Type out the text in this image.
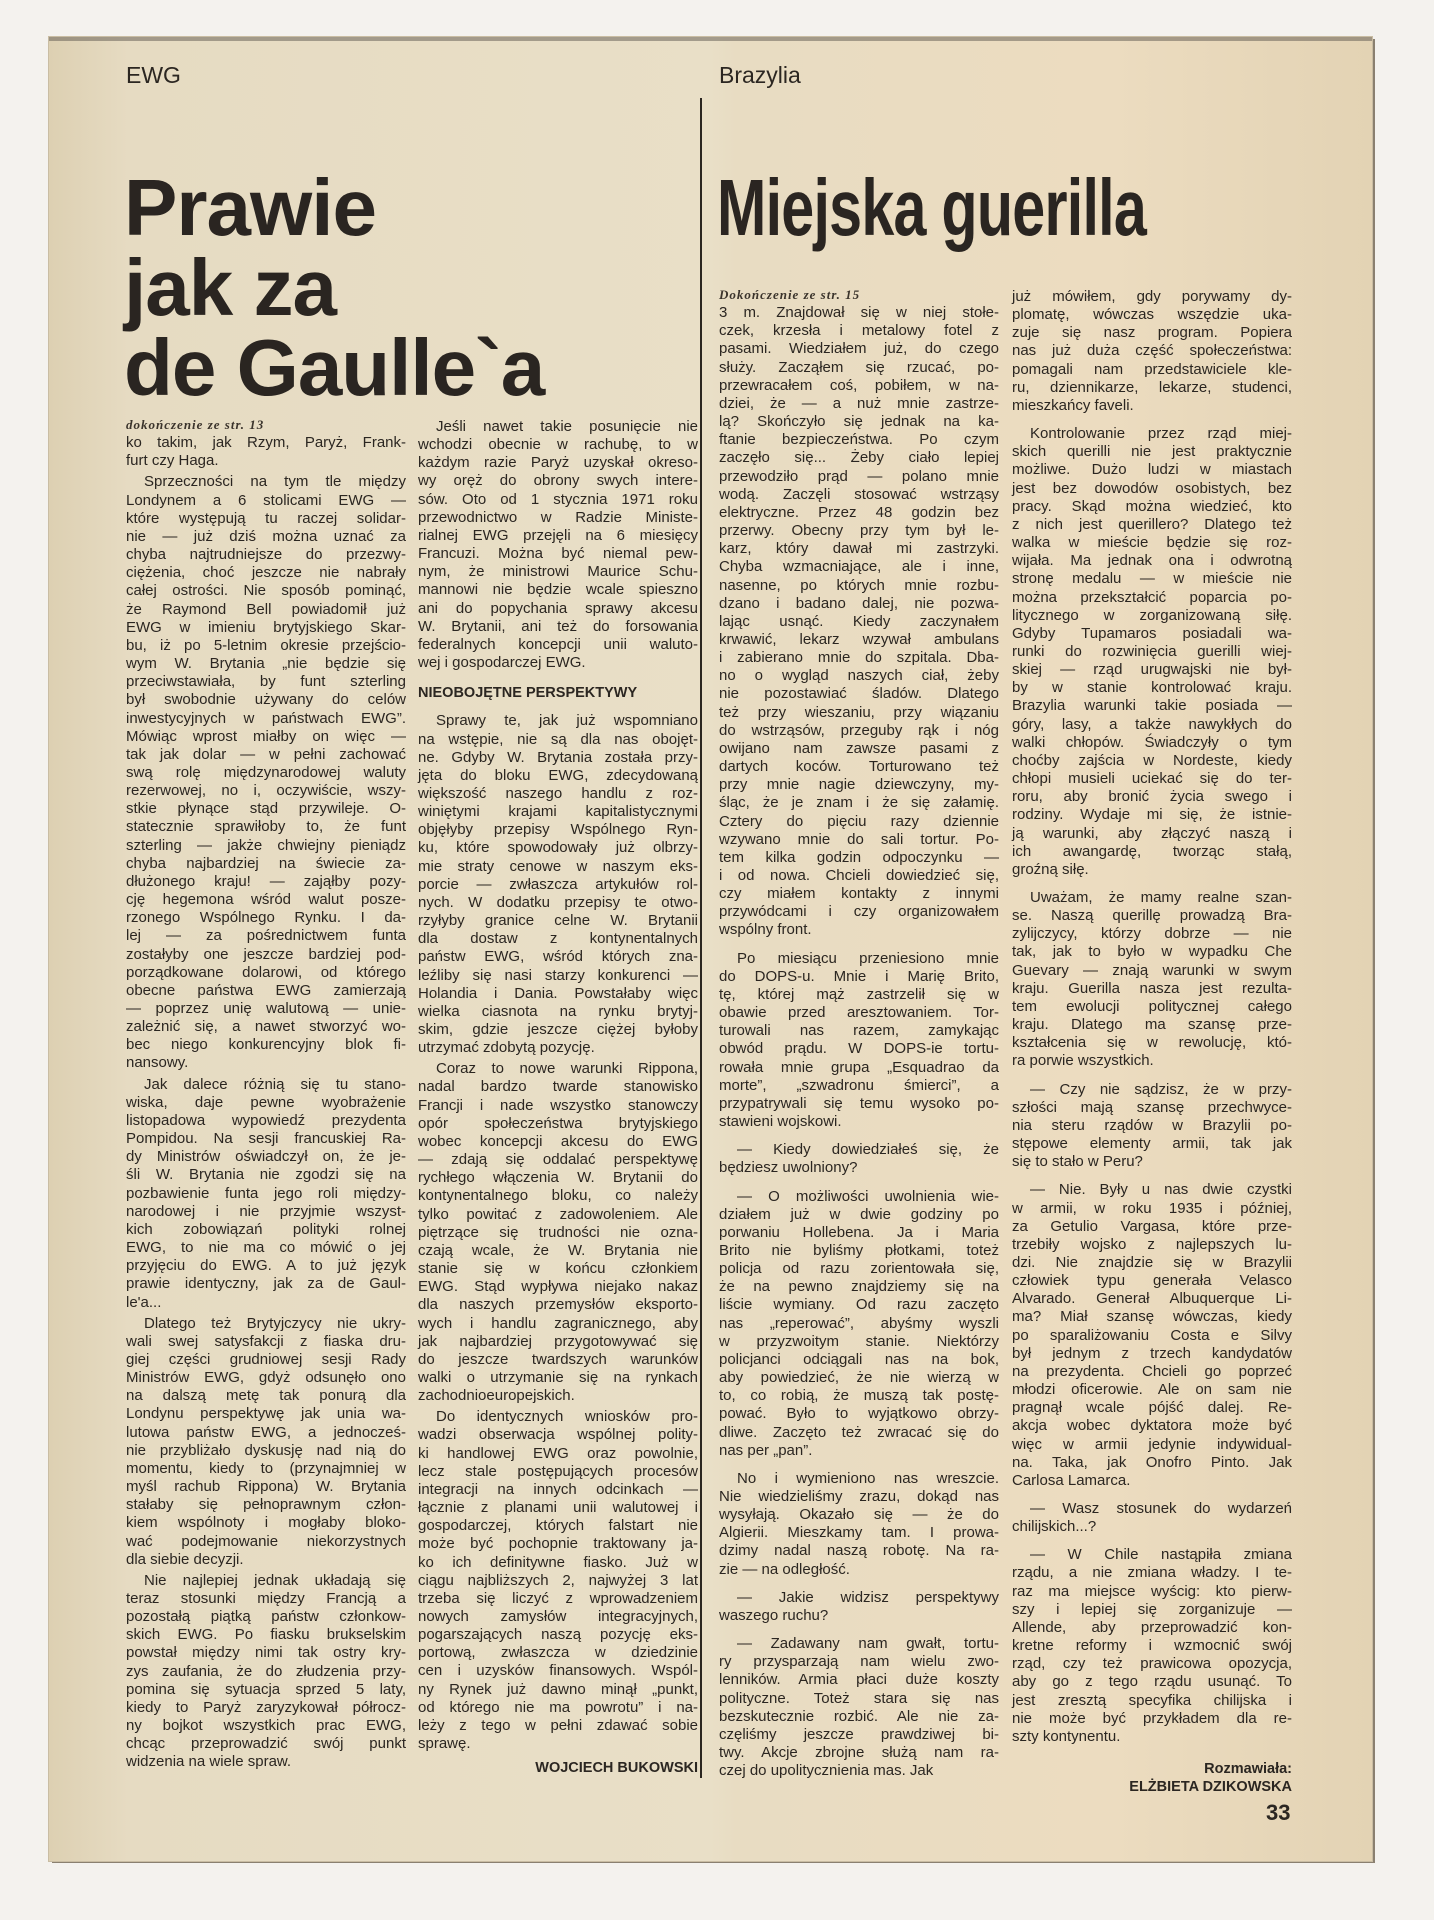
EWG	Brazylia
Prawie
jak za
de Gaulle`a
Miejska guerilla
dokończenie ze str. 13
ko takim, jak Rzym, Paryż, Frank-
furt czy Haga.
Sprzeczności na tym tle między
Londynem a 6 stolicami EWG —
które występują tu raczej solidar-
nie — już dziś można uznać za
chyba najtrudniejsze do przezwy-
ciężenia, choć jeszcze nie nabrały
całej ostrości. Nie sposób pominąć,
że Raymond Bell powiadomił już
EWG w imieniu brytyjskiego Skar-
bu, iż po 5-letnim okresie przejścio-
wym W. Brytania „nie będzie się
przeciwstawiała, by funt szterling
był swobodnie używany do celów
inwestycyjnych w państwach EWG”.
Mówiąc wprost miałby on więc —
tak jak dolar — w pełni zachować
swą rolę międzynarodowej waluty
rezerwowej, no i, oczywiście, wszy-
stkie płynące stąd przywileje. O-
statecznie sprawiłoby to, że funt
szterling — jakże chwiejny pieniądz
chyba najbardziej na świecie za-
dłużonego kraju! — zająłby pozy-
cję hegemona wśród walut posze-
rzonego Wspólnego Rynku. I da-
lej — za pośrednictwem funta
zostałyby one jeszcze bardziej pod-
porządkowane dolarowi, od którego
obecne państwa EWG zamierzają
— poprzez unię walutową — unie-
zależnić się, a nawet stworzyć wo-
bec niego konkurencyjny blok fi-
nansowy.
Jak dalece różnią się tu stano-
wiska, daje pewne wyobrażenie
listopadowa wypowiedź prezydenta
Pompidou. Na sesji francuskiej Ra-
dy Ministrów oświadczył on, że je-
śli W. Brytania nie zgodzi się na
pozbawienie funta jego roli między-
narodowej i nie przyjmie wszyst-
kich zobowiązań polityki rolnej
EWG, to nie ma co mówić o jej
przyjęciu do EWG. A to już język
prawie identyczny, jak za de Gaul-
le'a...
Dlatego też Brytyjczycy nie ukry-
wali swej satysfakcji z fiaska dru-
giej części grudniowej sesji Rady
Ministrów EWG, gdyż odsunęło ono
na dalszą metę tak ponurą dla
Londynu perspektywę jak unia wa-
lutowa państw EWG, a jednocześ-
nie przybliżało dyskusję nad nią do
momentu, kiedy to (przynajmniej w
myśl rachub Rippona) W. Brytania
stałaby się pełnoprawnym człon-
kiem wspólnoty i mogłaby bloko-
wać podejmowanie niekorzystnych
dla siebie decyzji.
Nie najlepiej jednak układają się
teraz stosunki między Francją a
pozostałą piątką państw członkow-
skich EWG. Po fiasku brukselskim
powstał między nimi tak ostry kry-
zys zaufania, że do złudzenia przy-
pomina się sytuacja sprzed 5 laty,
kiedy to Paryż zaryzykował półrocz-
ny bojkot wszystkich prac EWG,
chcąc przeprowadzić swój punkt
widzenia na wiele spraw.
Jeśli nawet takie posunięcie nie
wchodzi obecnie w rachubę, to w
każdym razie Paryż uzyskał okreso-
wy oręż do obrony swych intere-
sów. Oto od 1 stycznia 1971 roku
przewodnictwo w Radzie Ministe-
rialnej EWG przejęli na 6 miesięcy
Francuzi. Można być niemal pew-
nym, że ministrowi Maurice Schu-
mannowi nie będzie wcale spieszno
ani do popychania sprawy akcesu
W. Brytanii, ani też do forsowania
federalnych koncepcji unii waluto-
wej i gospodarczej EWG.
NIEOBOJĘTNE PERSPEKTYWY
Sprawy te, jak już wspomniano
na wstępie, nie są dla nas obojęt-
ne. Gdyby W. Brytania została przy-
jęta do bloku EWG, zdecydowaną
większość naszego handlu z roz-
winiętymi krajami kapitalistycznymi
objęłyby przepisy Wspólnego Ryn-
ku, które spowodowały już olbrzy-
mie straty cenowe w naszym eks-
porcie — zwłaszcza artykułów rol-
nych. W dodatku przepisy te otwo-
rzyłyby granice celne W. Brytanii
dla dostaw z kontynentalnych
państw EWG, wśród których zna-
leźliby się nasi starzy konkurenci —
Holandia i Dania. Powstałaby więc
wielka ciasnota na rynku brytyj-
skim, gdzie jeszcze ciężej byłoby
utrzymać zdobytą pozycję.
Coraz to nowe warunki Rippona,
nadal bardzo twarde stanowisko
Francji i nade wszystko stanowczy
opór społeczeństwa brytyjskiego
wobec koncepcji akcesu do EWG
— zdają się oddalać perspektywę
rychłego włączenia W. Brytanii do
kontynentalnego bloku, co należy
tylko powitać z zadowoleniem. Ale
piętrzące się trudności nie ozna-
czają wcale, że W. Brytania nie
stanie się w końcu członkiem
EWG. Stąd wypływa niejako nakaz
dla naszych przemysłów eksporto-
wych i handlu zagranicznego, aby
jak najbardziej przygotowywać się
do jeszcze twardszych warunków
walki o utrzymanie się na rynkach
zachodnioeuropejskich.
Do identycznych wniosków pro-
wadzi obserwacja wspólnej polity-
ki handlowej EWG oraz powolnie,
lecz stale postępujących procesów
integracji na innych odcinkach —
łącznie z planami unii walutowej i
gospodarczej, których falstart nie
może być pochopnie traktowany ja-
ko ich definitywne fiasko. Już w
ciągu najbliższych 2, najwyżej 3 lat
trzeba się liczyć z wprowadzeniem
nowych zamysłów integracyjnych,
pogarszających naszą pozycję eks-
portową, zwłaszcza w dziedzinie
cen i uzysków finansowych. Wspól-
ny Rynek już dawno minął „punkt,
od którego nie ma powrotu” i na-
leży z tego w pełni zdawać sobie
sprawę.
WOJCIECH BUKOWSKI
Dokończenie ze str. 15
3 m. Znajdował się w niej stołe-
czek, krzesła i metalowy fotel z
pasami. Wiedziałem już, do czego
służy. Zacząłem się rzucać, po-
przewracałem coś, pobiłem, w na-
dziei, że — a nuż mnie zastrze-
lą? Skończyło się jednak na ka-
ftanie bezpieczeństwa. Po czym
zaczęło się... Żeby ciało lepiej
przewodziło prąd — polano mnie
wodą. Zaczęli stosować wstrząsy
elektryczne. Przez 48 godzin bez
przerwy. Obecny przy tym był le-
karz, który dawał mi zastrzyki.
Chyba wzmacniające, ale i inne,
nasenne, po których mnie rozbu-
dzano i badano dalej, nie pozwa-
lając usnąć. Kiedy zaczynałem
krwawić, lekarz wzywał ambulans
i zabierano mnie do szpitala. Dba-
no o wygląd naszych ciał, żeby
nie pozostawiać śladów. Dlatego
też przy wieszaniu, przy wiązaniu
do wstrząsów, przeguby rąk i nóg
owijano nam zawsze pasami z
dartych koców. Torturowano też
przy mnie nagie dziewczyny, my-
śląc, że je znam i że się załamię.
Cztery do pięciu razy dziennie
wzywano mnie do sali tortur. Po-
tem kilka godzin odpoczynku —
i od nowa. Chcieli dowiedzieć się,
czy miałem kontakty z innymi
przywódcami i czy organizowałem
wspólny front.
Po miesiącu przeniesiono mnie
do DOPS-u. Mnie i Marię Brito,
tę, której mąż zastrzelił się w
obawie przed aresztowaniem. Tor-
turowali nas razem, zamykając
obwód prądu. W DOPS-ie tortu-
rowała mnie grupa „Esquadrao da
morte”, „szwadronu śmierci”, a
przypatrywali się temu wysoko po-
stawieni wojskowi.
— Kiedy dowiedziałeś się, że
będziesz uwolniony?
— O możliwości uwolnienia wie-
działem już w dwie godziny po
porwaniu Hollebena. Ja i Maria
Brito nie byliśmy płotkami, toteż
policja od razu zorientowała się,
że na pewno znajdziemy się na
liście wymiany. Od razu zaczęto
nas „reperować”, abyśmy wyszli
w przyzwoitym stanie. Niektórzy
policjanci odciągali nas na bok,
aby powiedzieć, że nie wierzą w
to, co robią, że muszą tak postę-
pować. Było to wyjątkowo obrzy-
dliwe. Zaczęto też zwracać się do
nas per „pan”.
No i wymieniono nas wreszcie.
Nie wiedzieliśmy zrazu, dokąd nas
wysyłają. Okazało się — że do
Algierii. Mieszkamy tam. I prowa-
dzimy nadal naszą robotę. Na ra-
zie — na odległość.
— Jakie widzisz perspektywy
waszego ruchu?
— Zadawany nam gwałt, tortu-
ry przysparzają nam wielu zwo-
lenników. Armia płaci duże koszty
polityczne. Toteż stara się nas
bezskutecznie rozbić. Ale nie za-
częliśmy jeszcze prawdziwej bi-
twy. Akcje zbrojne służą nam ra-
czej do upolitycznienia mas. Jak
już mówiłem, gdy porywamy dy-
plomatę, wówczas wszędzie uka-
zuje się nasz program. Popiera
nas już duża część społeczeństwa:
pomagali nam przedstawiciele kle-
ru, dziennikarze, lekarze, studenci,
mieszkańcy faveli.
Kontrolowanie przez rząd miej-
skich querilli nie jest praktycznie
możliwe. Dużo ludzi w miastach
jest bez dowodów osobistych, bez
pracy. Skąd można wiedzieć, kto
z nich jest querillero? Dlatego też
walka w mieście będzie się roz-
wijała. Ma jednak ona i odwrotną
stronę medalu — w mieście nie
można przekształcić poparcia po-
litycznego w zorganizowaną siłę.
Gdyby Tupamaros posiadali wa-
runki do rozwinięcia guerilli wiej-
skiej — rząd urugwajski nie był-
by w stanie kontrolować kraju.
Brazylia warunki takie posiada —
góry, lasy, a także nawykłych do
walki chłopów. Świadczyły o tym
choćby zajścia w Nordeste, kiedy
chłopi musieli uciekać się do ter-
roru, aby bronić życia swego i
rodziny. Wydaje mi się, że istnie-
ją warunki, aby złączyć naszą i
ich awangardę, tworząc stałą,
groźną siłę.
Uważam, że mamy realne szan-
se. Naszą querillę prowadzą Bra-
zylijczycy, którzy dobrze — nie
tak, jak to było w wypadku Che
Guevary — znają warunki w swym
kraju. Guerilla nasza jest rezulta-
tem ewolucji politycznej całego
kraju. Dlatego ma szansę prze-
kształcenia się w rewolucję, któ-
ra porwie wszystkich.
— Czy nie sądzisz, że w przy-
szłości mają szansę przechwyce-
nia steru rządów w Brazylii po-
stępowe elementy armii, tak jak
się to stało w Peru?
— Nie. Były u nas dwie czystki
w armii, w roku 1935 i później,
za Getulio Vargasa, które prze-
trzebiły wojsko z najlepszych lu-
dzi. Nie znajdzie się w Brazylii
człowiek typu generała Velasco
Alvarado. Generał Albuquerque Li-
ma? Miał szansę wówczas, kiedy
po sparaliżowaniu Costa e Silvy
był jednym z trzech kandydatów
na prezydenta. Chcieli go poprzeć
młodzi oficerowie. Ale on sam nie
pragnął wcale pójść dalej. Re-
akcja wobec dyktatora może być
więc w armii jedynie indywidual-
na. Taka, jak Onofro Pinto. Jak
Carlosa Lamarca.
— Wasz stosunek do wydarzeń
chilijskich...?
— W Chile nastąpiła zmiana
rządu, a nie zmiana władzy. I te-
raz ma miejsce wyścig: kto pierw-
szy i lepiej się zorganizuje —
Allende, aby przeprowadzić kon-
kretne reformy i wzmocnić swój
rząd, czy też prawicowa opozycja,
aby go z tego rządu usunąć. To
jest zresztą specyfika chilijska i
nie może być przykładem dla re-
szty kontynentu.
Rozmawiała:
ELŻBIETA DZIKOWSKA
33
